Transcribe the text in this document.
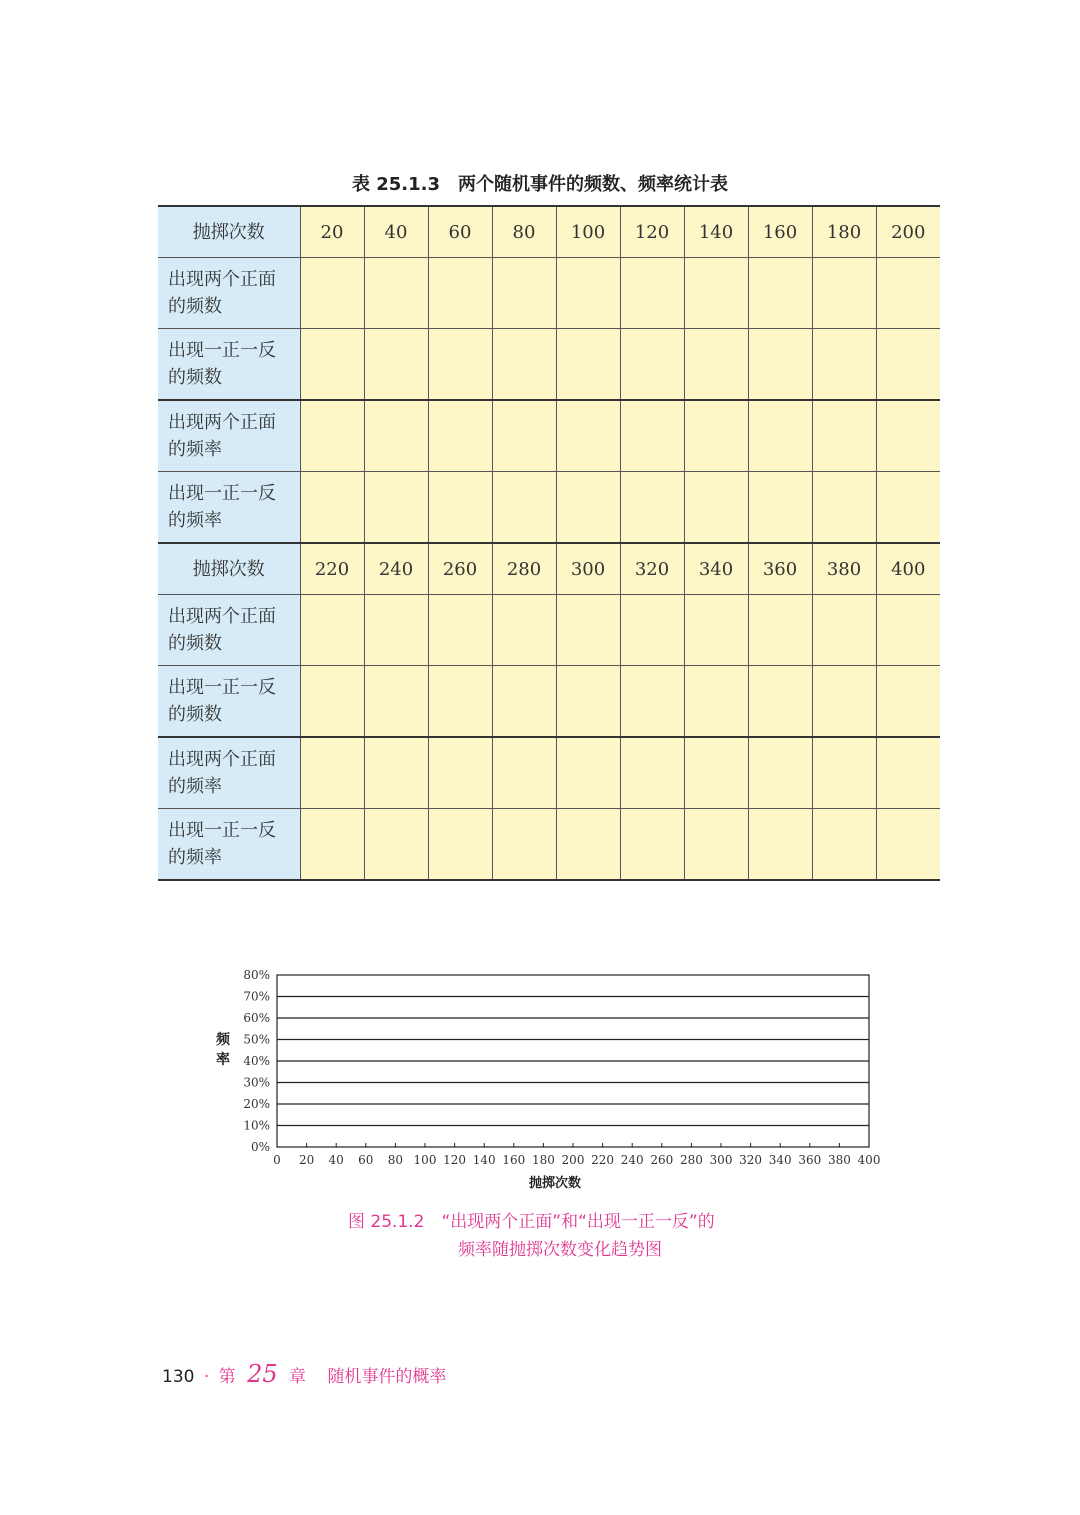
表 25.1.3　两个随机事件的频数、频率统计表
抛掷次数	20	40	60	80	100	120	140	160	180	200

出现两个正面
的频数										

出现一正一反
的频数										

出现两个正面
的频率										

出现一正一反
的频率										

抛掷次数	220	240	260	280	300	320	340	360	380	400

出现两个正面
的频数										

出现一正一反
的频数										

出现两个正面
的频率										

出现一正一反
的频率										

0%
10%
20%
30%
40%
50%
60%
70%
80%
0 20 40 60 80 100 120 140 160 180 200 220 240 260 280 300 320 340 360 380 400
频率
抛掷次数
图 25.1.2　“出现两个正面”和“出现一正一反”的
频率随抛掷次数变化趋势图
130 · 第 25 章 随机事件的概率
